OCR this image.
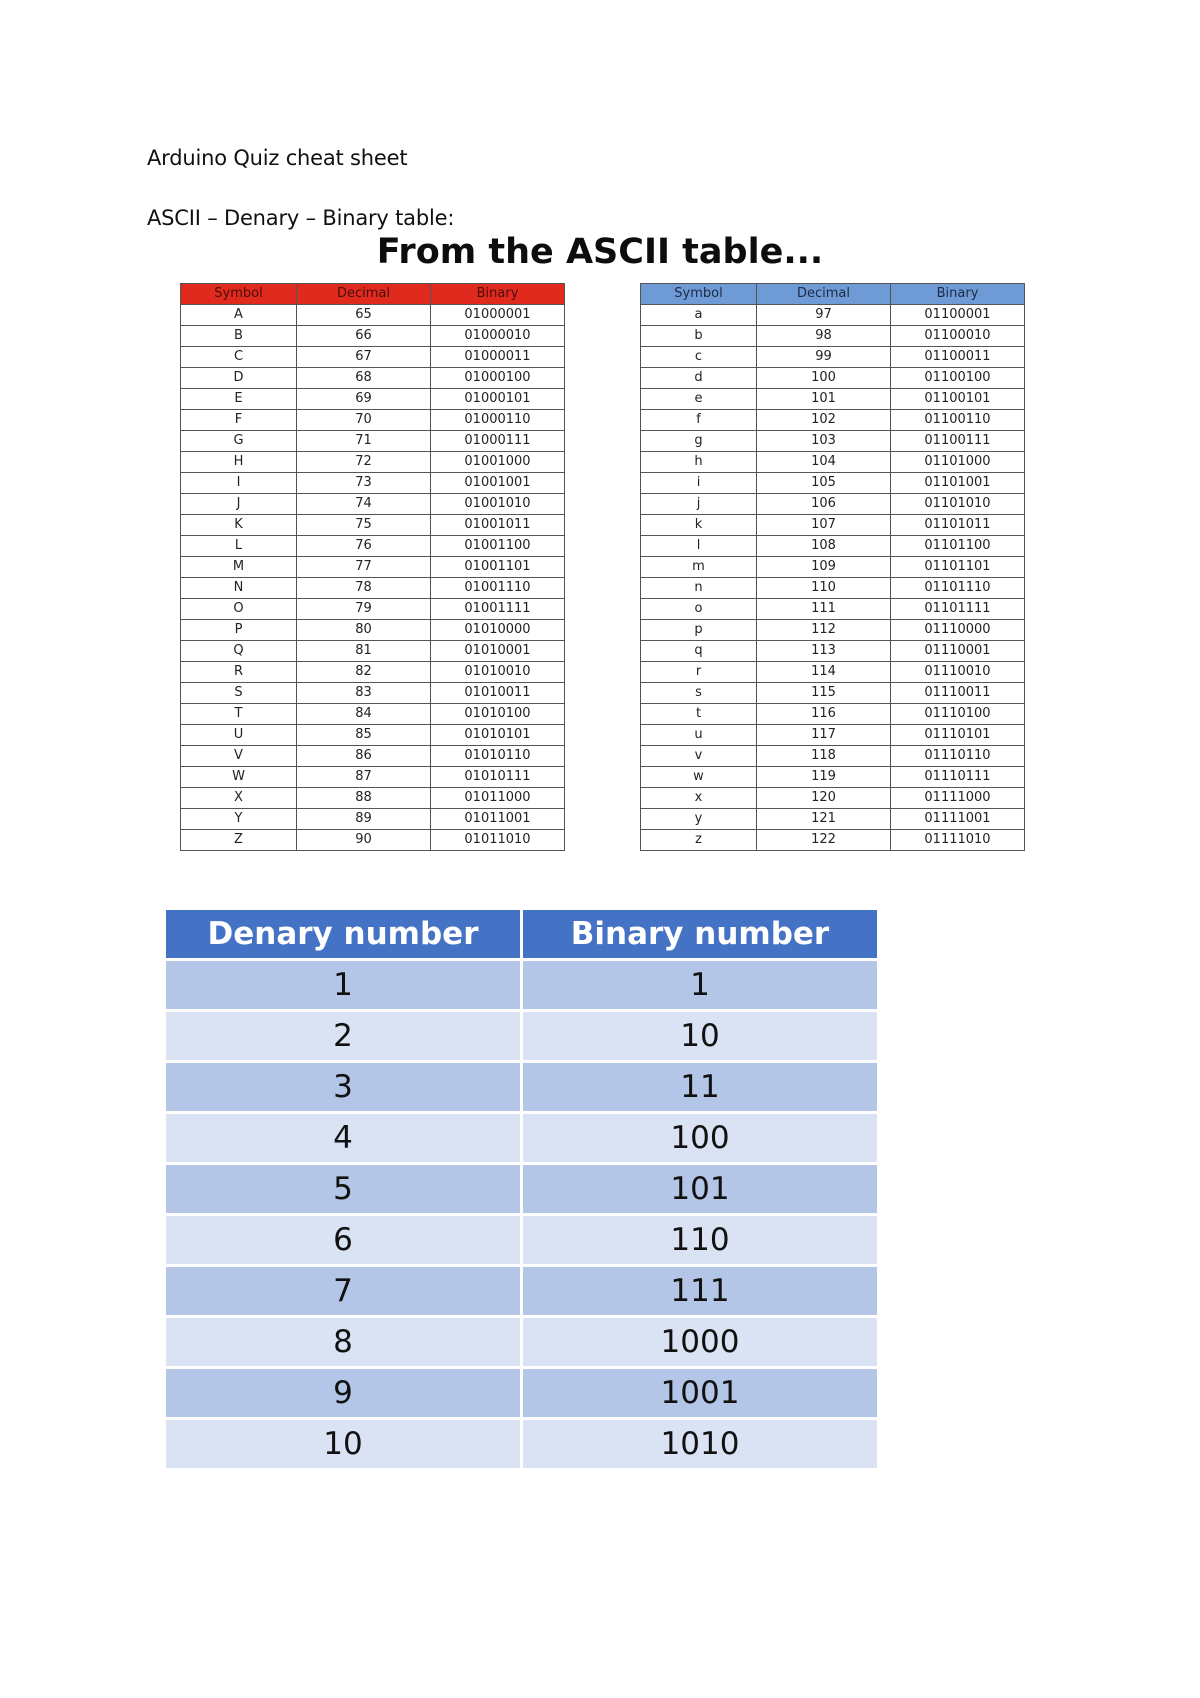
Arduino Quiz cheat sheet
ASCII – Denary – Binary table:
From the ASCII table...
Symbol	Decimal	Binary
A	65	01000001
B	66	01000010
C	67	01000011
D	68	01000100
E	69	01000101
F	70	01000110
G	71	01000111
H	72	01001000
I	73	01001001
J	74	01001010
K	75	01001011
L	76	01001100
M	77	01001101
N	78	01001110
O	79	01001111
P	80	01010000
Q	81	01010001
R	82	01010010
S	83	01010011
T	84	01010100
U	85	01010101
V	86	01010110
W	87	01010111
X	88	01011000
Y	89	01011001
Z	90	01011010
Symbol	Decimal	Binary
a	97	01100001
b	98	01100010
c	99	01100011
d	100	01100100
e	101	01100101
f	102	01100110
g	103	01100111
h	104	01101000
i	105	01101001
j	106	01101010
k	107	01101011
l	108	01101100
m	109	01101101
n	110	01101110
o	111	01101111
p	112	01110000
q	113	01110001
r	114	01110010
s	115	01110011
t	116	01110100
u	117	01110101
v	118	01110110
w	119	01110111
x	120	01111000
y	121	01111001
z	122	01111010
Denary number	Binary number
1	1
2	10
3	11
4	100
5	101
6	110
7	111
8	1000
9	1001
10	1010
